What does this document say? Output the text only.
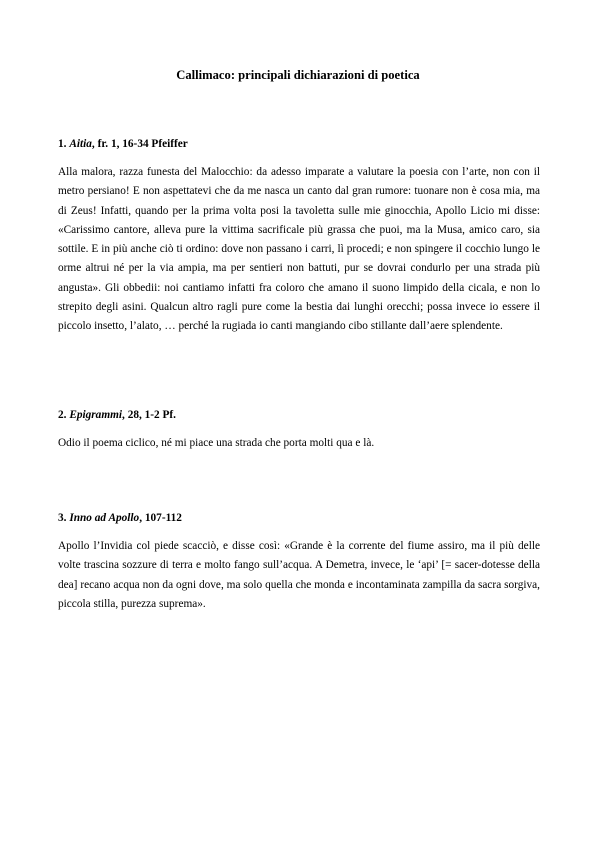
Callimaco: principali dichiarazioni di poetica

1. Aitia, fr. 1, 16-34 Pfeiffer

Alla malora, razza funesta del Malocchio: da adesso imparate a valutare la poesia con l’arte, non con il metro persiano! E non aspettatevi che da me nasca un canto dal gran rumore: tuonare non è cosa mia, ma di Zeus! Infatti, quando per la prima volta posi la tavoletta sulle mie ginocchia, Apollo Licio mi disse: «Carissimo cantore, alleva pure la vittima sacrificale più grassa che puoi, ma la Musa, amico caro, sia sottile. E in più anche ciò ti ordino: dove non passano i carri, lì procedi; e non spingere il cocchio lungo le orme altrui né per la via ampia, ma per sentieri non battuti, pur se dovrai condurlo per una strada più angusta». Gli obbedii: noi cantiamo infatti fra coloro che amano il suono limpido della cicala, e non lo strepito degli asini. Qualcun altro ragli pure come la bestia dai lunghi orecchi; possa invece io essere il piccolo insetto, l’alato, … perché la rugiada io canti mangiando cibo stillante dall’aere splendente.

2. Epigrammi, 28, 1-2 Pf.

Odio il poema ciclico, né mi piace una strada che porta molti qua e là.

3. Inno ad Apollo, 107-112

Apollo l’Invidia col piede scacciò, e disse così: «Grande è la corrente del fiume assiro, ma il più delle volte trascina sozzure di terra e molto fango sull’acqua. A Demetra, invece, le ‘api’ [= sacer-dotesse della dea] recano acqua non da ogni dove, ma solo quella che monda e incontaminata zampilla da sacra sorgiva, piccola stilla, purezza suprema».
